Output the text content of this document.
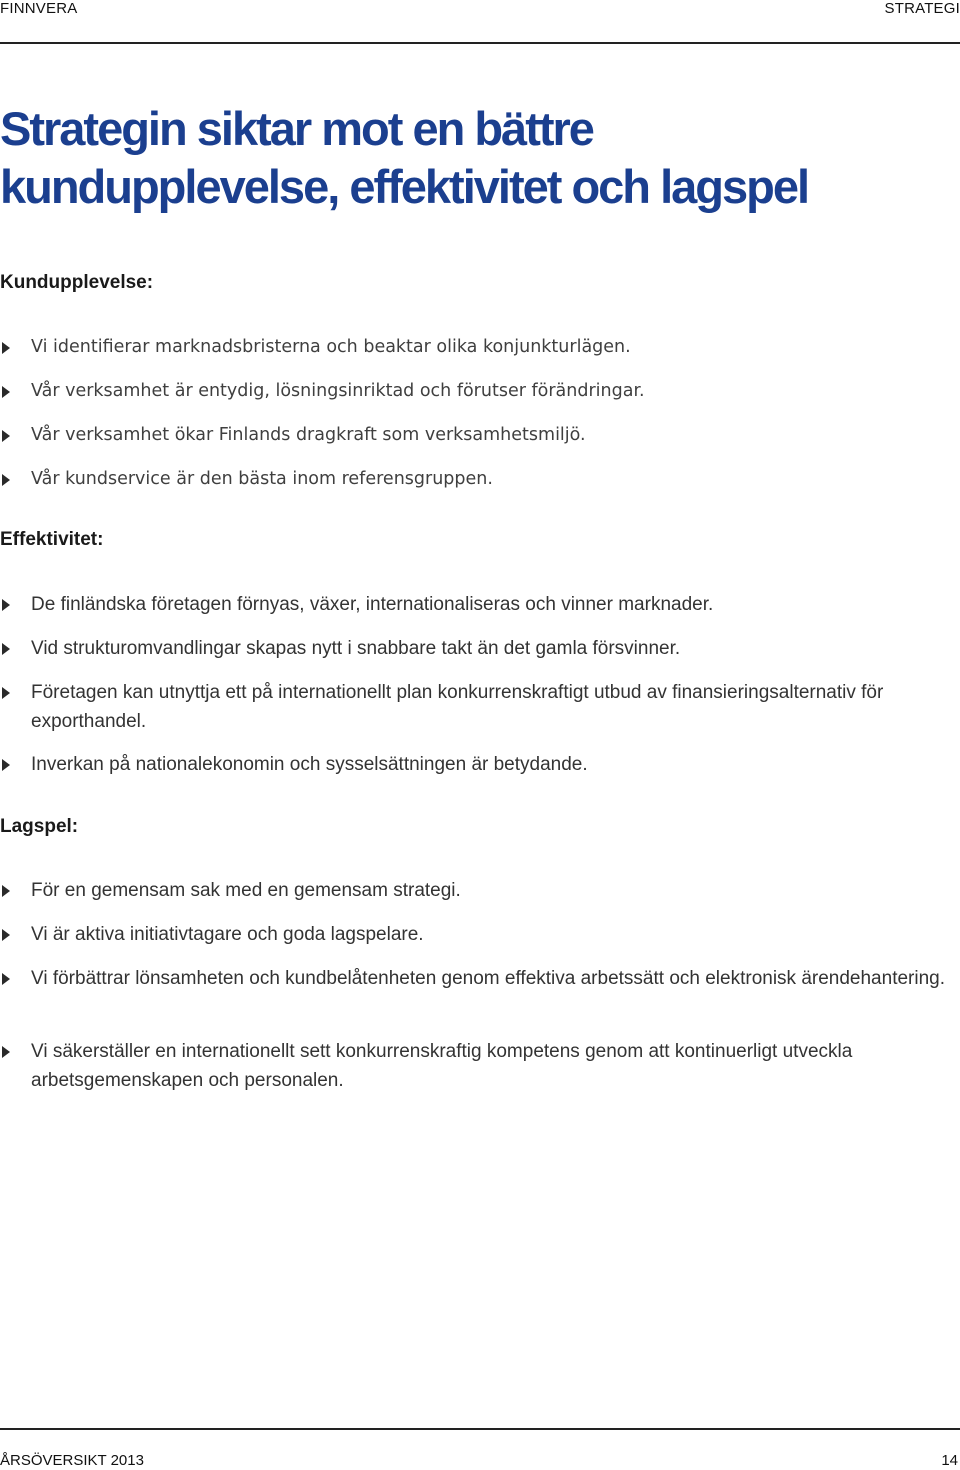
FINNVERA	STRATEGI
Strategin siktar mot en bättre kundupplevelse, effektivitet och lagspel
Kundupplevelse:
Vi identifierar marknadsbristerna och beaktar olika konjunkturlägen.
Vår verksamhet är entydig, lösningsinriktad och förutser förändringar.
Vår verksamhet ökar Finlands dragkraft som verksamhetsmiljö.
Vår kundservice är den bästa inom referensgruppen.
Effektivitet:
De finländska företagen förnyas, växer, internationaliseras och vinner marknader.
Vid strukturomvandlingar skapas nytt i snabbare takt än det gamla försvinner.
Företagen kan utnyttja ett på internationellt plan konkurrenskraftigt utbud av finansieringsalternativ för exporthandel.
Inverkan på nationalekonomin och sysselsättningen är betydande.
Lagspel:
För en gemensam sak med en gemensam strategi.
Vi är aktiva initiativtagare och goda lagspelare.
Vi förbättrar lönsamheten och kundbelåtenheten genom effektiva arbetssätt och elektronisk ärendehantering.
Vi säkerställer en internationellt sett konkurrenskraftig kompetens genom att kontinuerligt utveckla arbetsgemenskapen och personalen.
ÅRSÖVERSIKT 2013	14
